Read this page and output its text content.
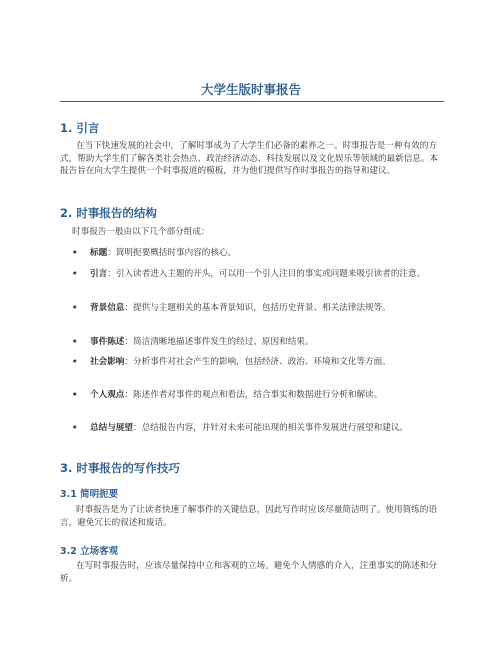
大学生版时事报告
1. 引言
在当下快速发展的社会中，了解时事成为了大学生们必备的素养之一。时事报告是一种有效的方式，帮助大学生们了解各类社会热点、政治经济动态、科技发展以及文化娱乐等领域的最新信息。本报告旨在向大学生提供一个时事报道的模板，并为他们提供写作时事报告的指导和建议。
2. 时事报告的结构
时事报告一般由以下几个部分组成：
• 标题：简明扼要概括时事内容的核心。
• 引言：引入读者进入主题的开头，可以用一个引人注目的事实或问题来吸引读者的注意。
• 背景信息：提供与主题相关的基本背景知识，包括历史背景、相关法律法规等。
• 事件陈述：简洁清晰地描述事件发生的经过、原因和结果。
• 社会影响：分析事件对社会产生的影响，包括经济、政治、环境和文化等方面。
• 个人观点：陈述作者对事件的观点和看法，结合事实和数据进行分析和解读。
• 总结与展望：总结报告内容，并针对未来可能出现的相关事件发展进行展望和建议。
3. 时事报告的写作技巧
3.1 简明扼要
时事报告是为了让读者快速了解事件的关键信息，因此写作时应该尽量简洁明了。使用简练的语言，避免冗长的叙述和废话。
3.2 立场客观
在写时事报告时，应该尽量保持中立和客观的立场。避免个人情感的介入，注重事实的陈述和分析。
